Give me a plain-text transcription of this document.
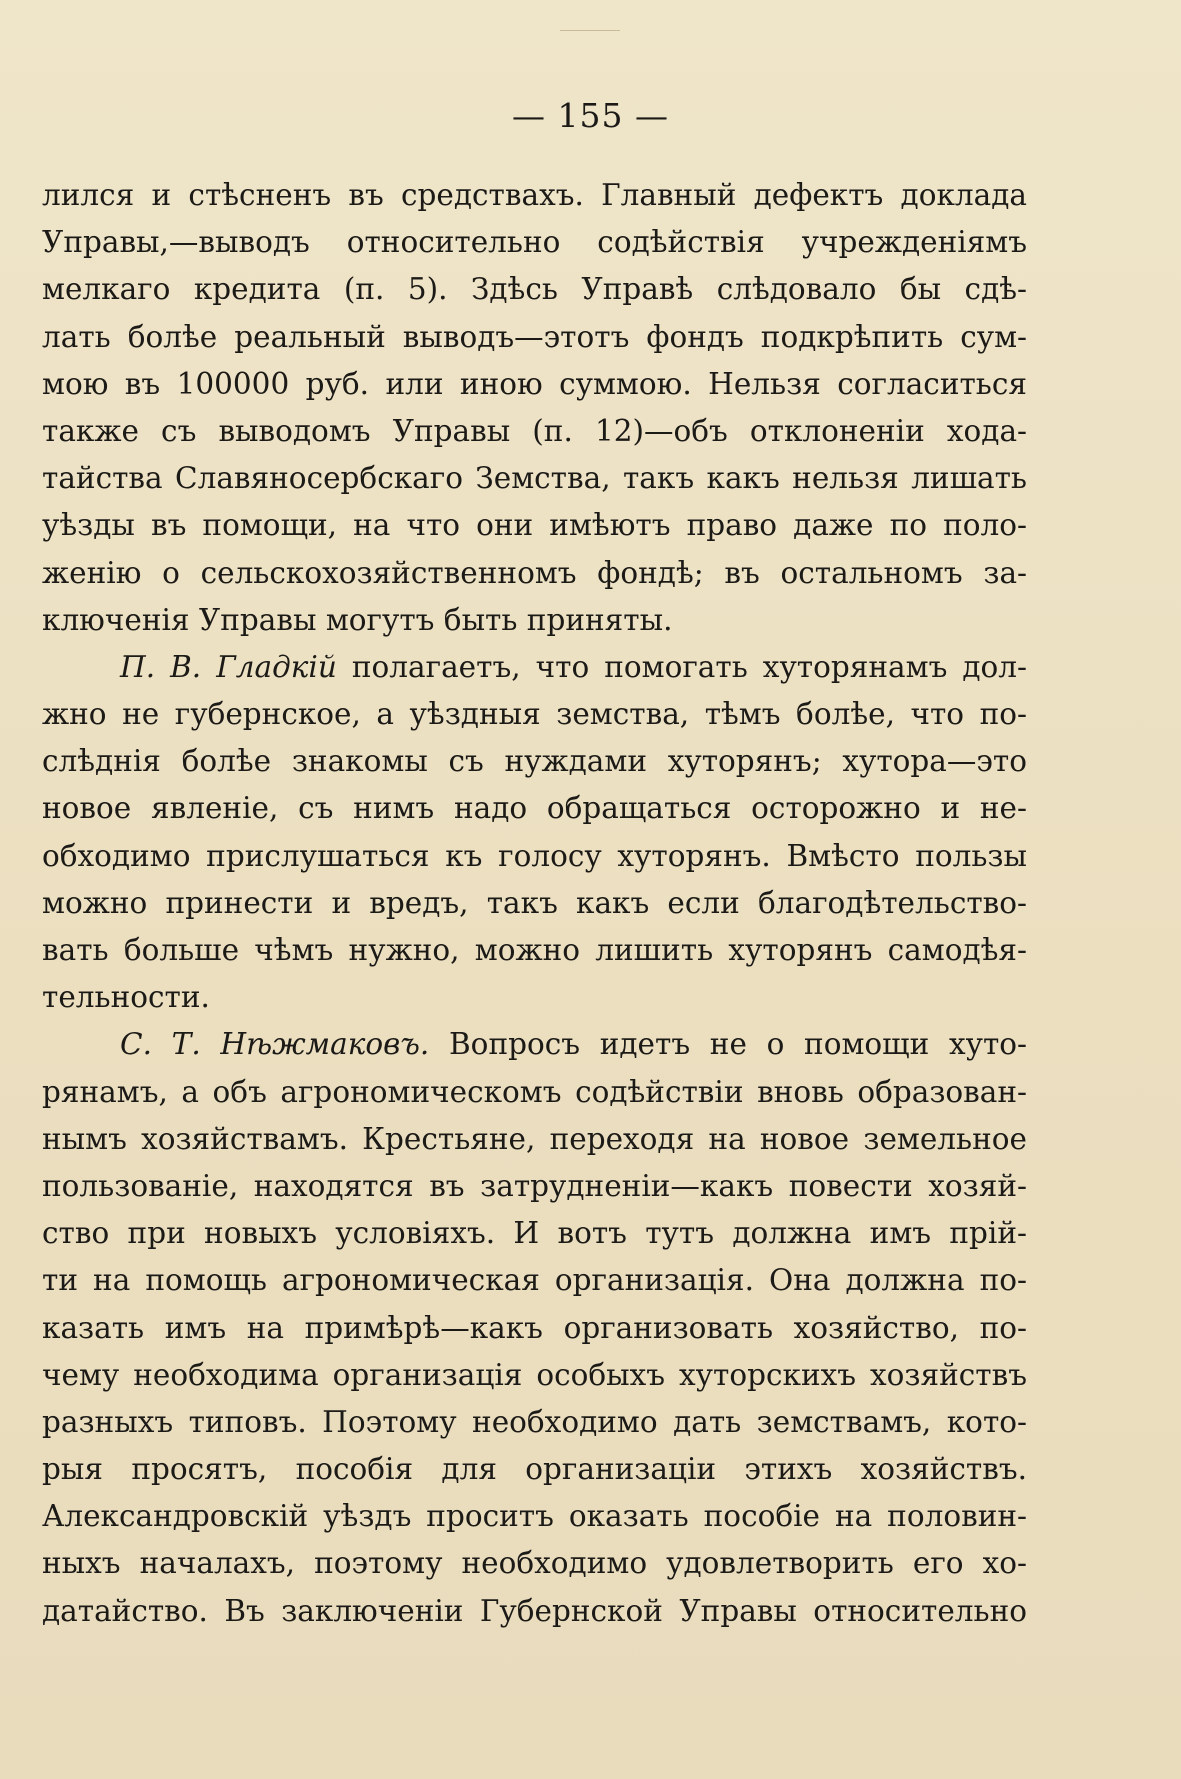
— 155 —
лился и стѣсненъ въ средствахъ. Главный дефектъ доклада
Управы,—выводъ относительно содѣйствія учрежденіямъ
мелкаго кредита (п. 5). Здѣсь Управѣ слѣдовало бы сдѣ-
лать болѣе реальный выводъ—этотъ фондъ подкрѣпить сум-
мою въ 100000 руб. или иною суммою. Нельзя согласиться
также съ выводомъ Управы (п. 12)—объ отклоненіи хода-
тайства Славяносербскаго Земства, такъ какъ нельзя лишать
уѣзды въ помощи, на что они имѣютъ право даже по поло-
женію о сельскохозяйственномъ фондѣ; въ остальномъ за-
ключенія Управы могутъ быть приняты.
П. В. Гладкій полагаетъ, что помогать хуторянамъ дол-
жно не губернское, а уѣздныя земства, тѣмъ болѣе, что по-
слѣднія болѣе знакомы съ нуждами хуторянъ; хутора—это
новое явленіе, съ нимъ надо обращаться осторожно и не-
обходимо прислушаться къ голосу хуторянъ. Вмѣсто пользы
можно принести и вредъ, такъ какъ если благодѣтельство-
вать больше чѣмъ нужно, можно лишить хуторянъ самодѣя-
тельности.
С. Т. Нѣжмаковъ. Вопросъ идетъ не о помощи хуто-
рянамъ, а объ агрономическомъ содѣйствіи вновь образован-
нымъ хозяйствамъ. Крестьяне, переходя на новое земельное
пользованіе, находятся въ затрудненіи—какъ повести хозяй-
ство при новыхъ условіяхъ. И вотъ тутъ должна имъ прій-
ти на помощь агрономическая организація. Она должна по-
казать имъ на примѣрѣ—какъ организовать хозяйство, по-
чему необходима организація особыхъ хуторскихъ хозяйствъ
разныхъ типовъ. Поэтому необходимо дать земствамъ, кото-
рыя просятъ, пособія для организаціи этихъ хозяйствъ.
Александровскій уѣздъ проситъ оказать пособіе на половин-
ныхъ началахъ, поэтому необходимо удовлетворить его хо-
датайство. Въ заключеніи Губернской Управы относительно
